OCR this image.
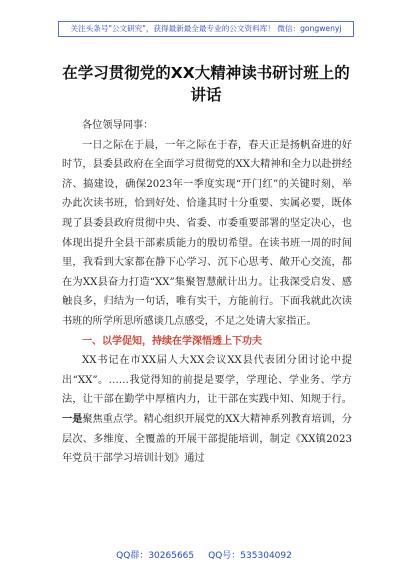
关注头条号"公文研究"，获得最新最全最专业的公文资料库！ 微信：gongwenyj
在学习贯彻党的XX大精神读书研讨班上的讲话

各位领导同事：

一日之际在于晨，一年之际在于春，春天正是扬帆奋进的好时节，县委县政府在全面学习贯彻党的XX大精神和全力以赴拼经济、搞建设，确保2023年一季度实现“开门红”的关键时刻，举办此次读书班，恰到好处、恰逢其时十分重要、实属必要，既体现了县委县政府贯彻中央、省委、市委重要部署的坚定决心，也体现出提升全县干部素质能力的殷切希望。在读书班一周的时间里，我看到大家都在静下心学习、沉下心思考、敞开心交流，都在为XX县奋力打造“XX”集聚智慧献计出力。让我深受启发、感触良多，归结为一句话，唯有实干，方能前行。下面我就此次读书班的所学所思所感谈几点感受，不足之处请大家指正。

一、以学促知，持续在学深悟透上下功夫

XX书记在市XX届人大XX会议XX县代表团分团讨论中提出“XX”。……我觉得知的前提是要学，学理论、学业务、学方法，让干部在勤学中厚植内力，让干部在实践中知、知规于行。一是聚焦重点学。精心组织开展党的XX大精神系列教育培训，分层次、多维度、全覆盖的开展干部提能培训，制定《XX镇2023年党员干部学习培训计划》通过

QQ群：30265665 QQ号：535304092
